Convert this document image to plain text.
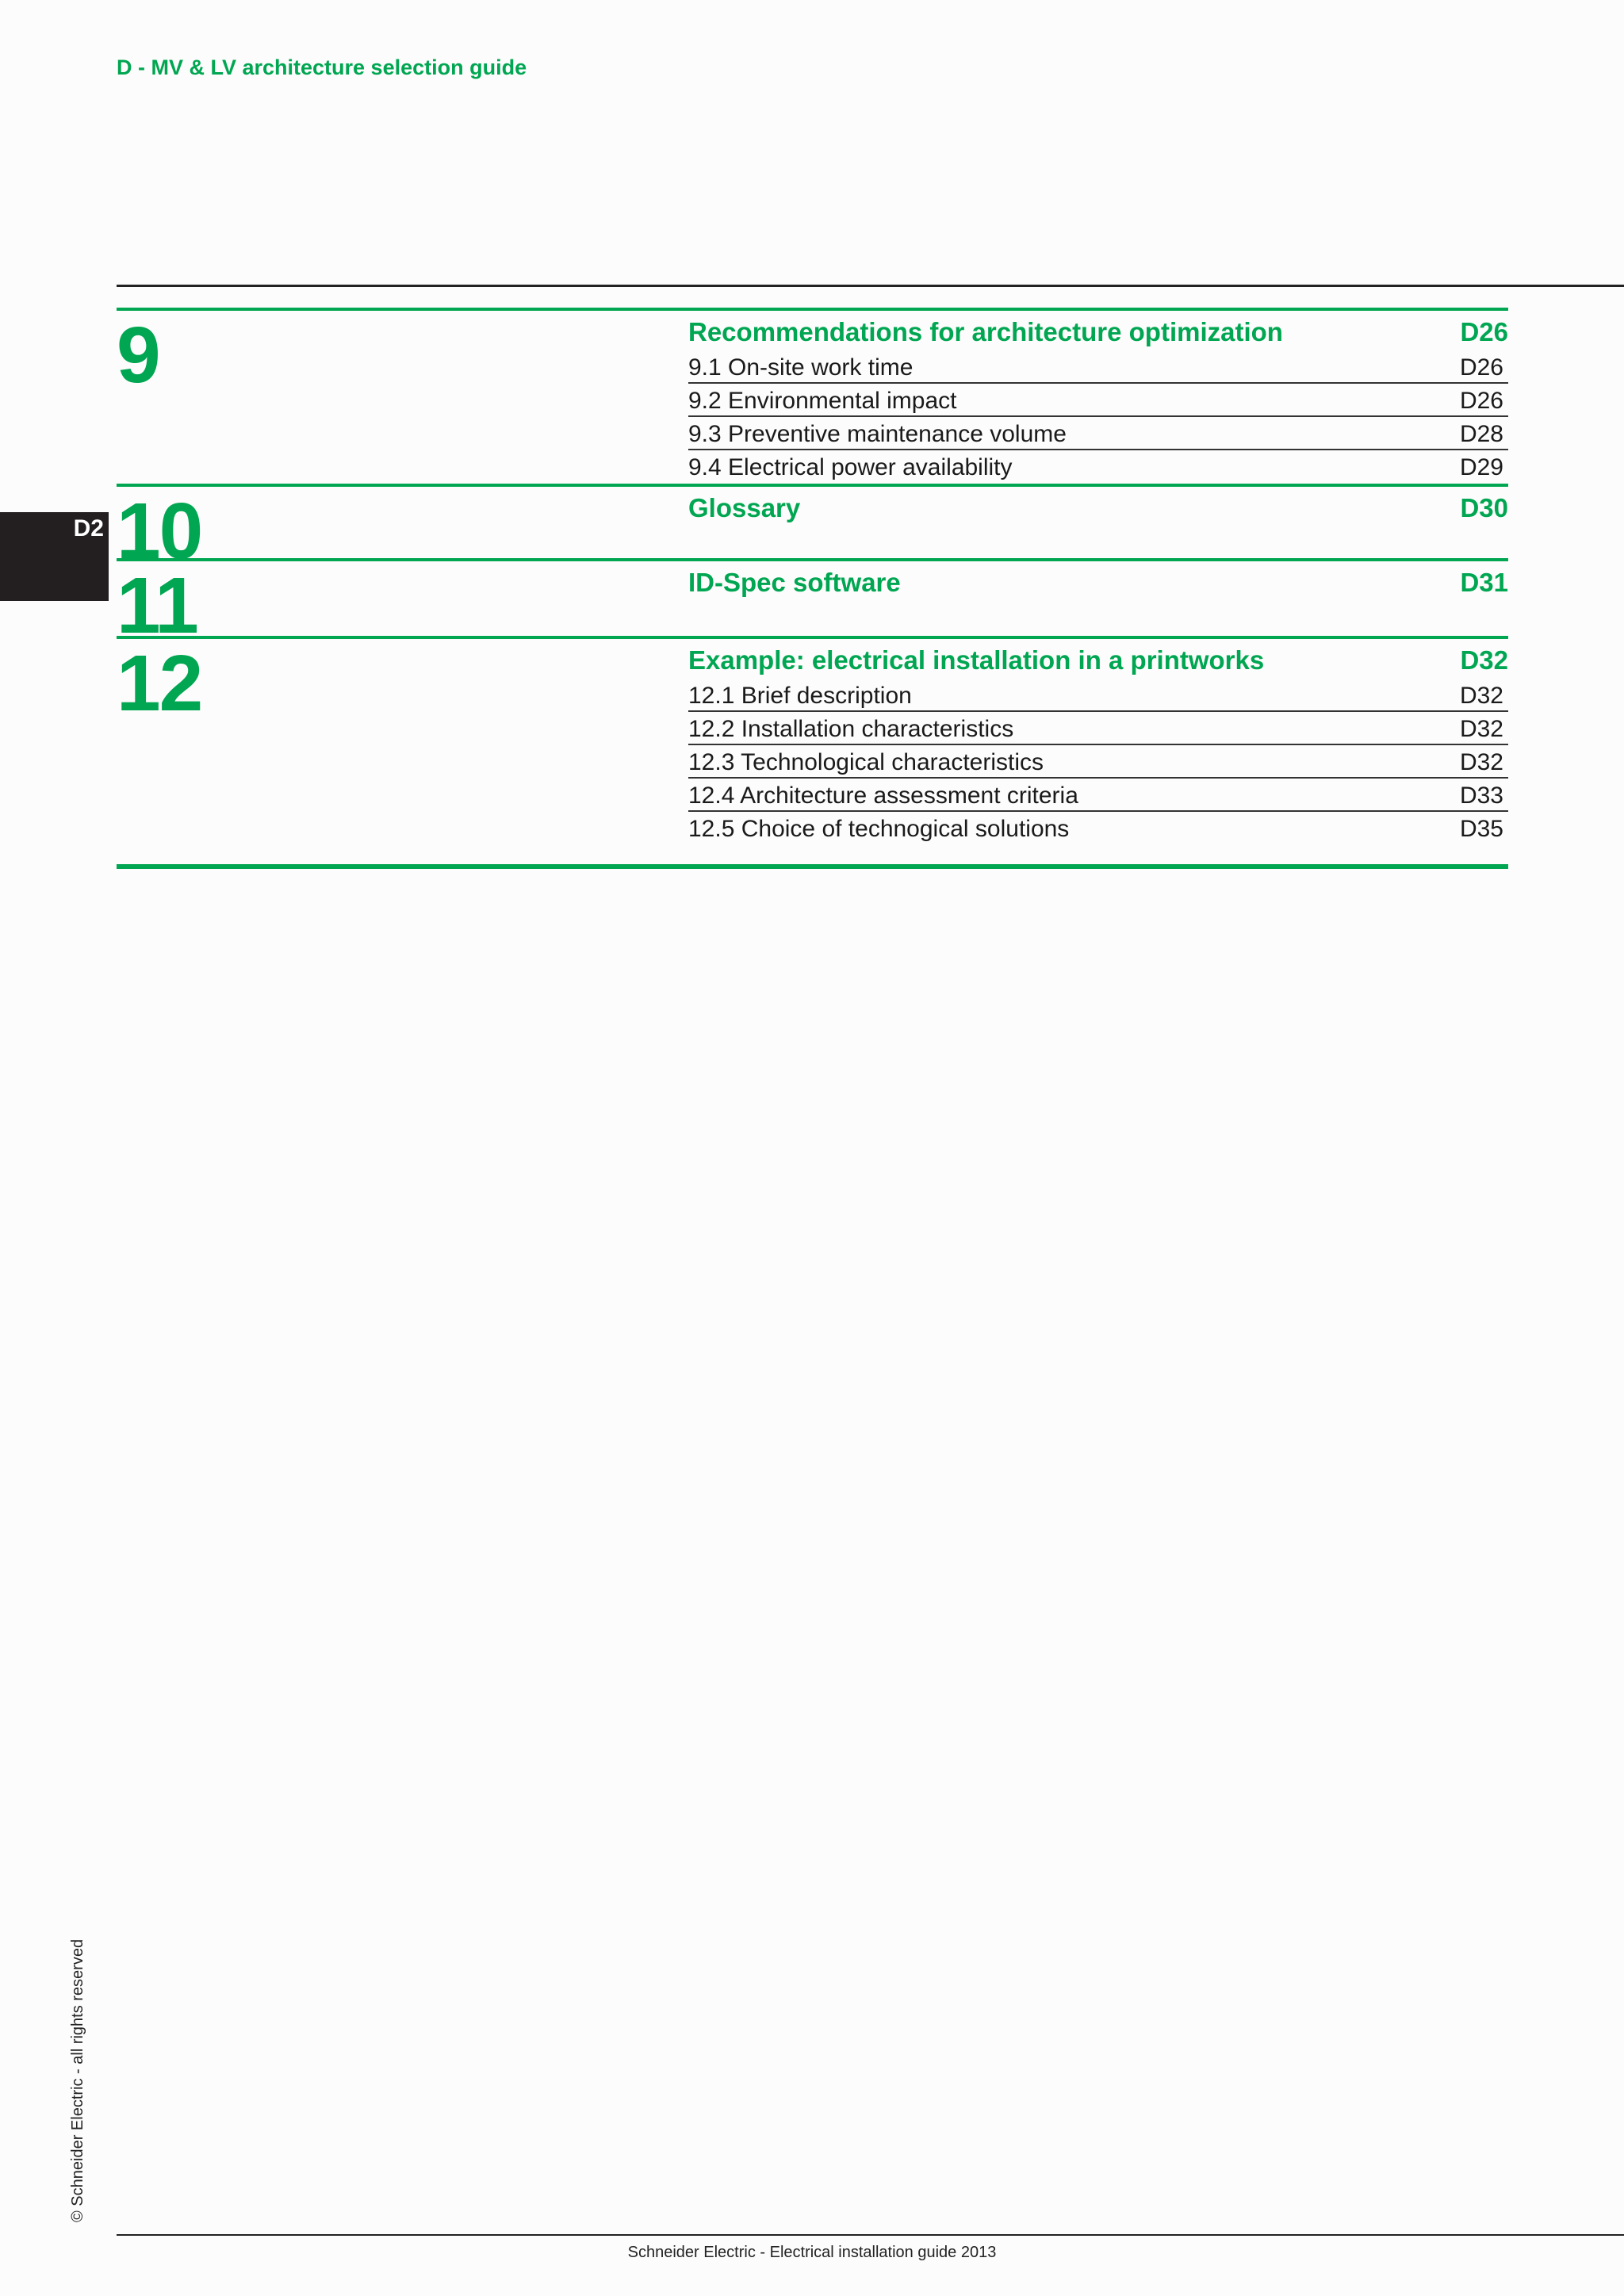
D - MV & LV architecture selection guide
9	Recommendations for architecture optimization	D26
9.1 On-site work time	D26
9.2 Environmental impact	D26
9.3 Preventive maintenance volume	D28
9.4 Electrical power availability	D29
10	Glossary	D30
11	ID-Spec software	D31
12	Example: electrical installation in a printworks	D32
12.1 Brief description	D32
12.2 Installation characteristics	D32
12.3 Technological characteristics	D32
12.4 Architecture assessment criteria	D33
12.5 Choice of technogical solutions	D35
D2
© Schneider Electric - all rights reserved
Schneider Electric - Electrical installation guide 2013
